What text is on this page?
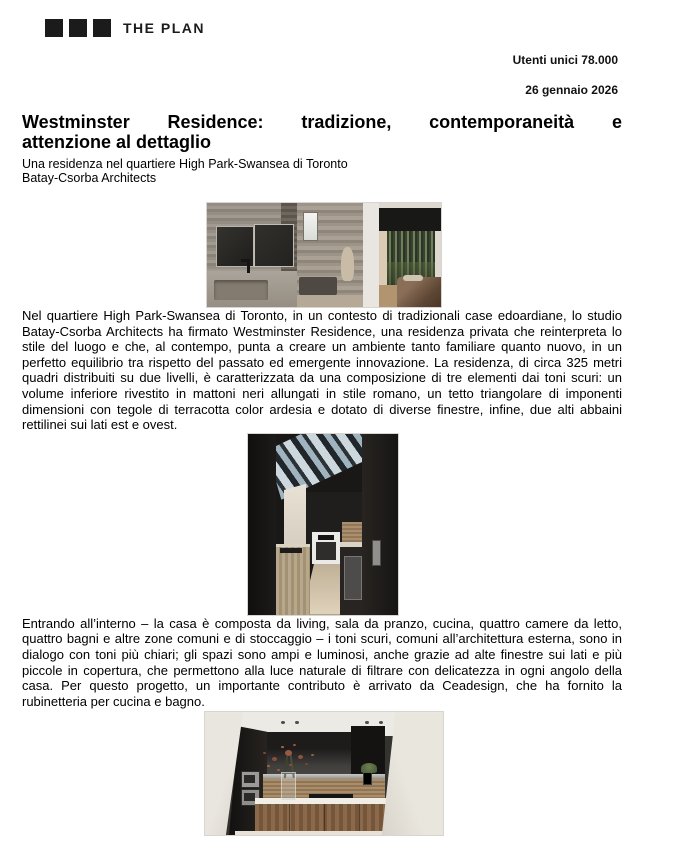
THE PLAN
Utenti unici 78.000
26 gennaio 2026
Westminster Residence: tradizione, contemporaneità e
attenzione al dettaglio

Una residenza nel quartiere High Park-Swansea di Toronto

Batay-Csorba Architects

Nel quartiere High Park-Swansea di Toronto, in un contesto di tradizionali case edoardiane, lo studio Batay-Csorba Architects ha firmato Westminster Residence, una residenza privata che reinterpreta lo stile del luogo e che, al contempo, punta a creare un ambiente tanto familiare quanto nuovo, in un perfetto equilibrio tra rispetto del passato ed emergente innovazione. La residenza, di circa 325 metri quadri distribuiti su due livelli, è caratterizzata da una composizione di tre elementi dai toni scuri: un volume inferiore rivestito in mattoni neri allungati in stile romano, un tetto triangolare di imponenti dimensioni con tegole di terracotta color ardesia e dotato di diverse finestre, infine, due alti abbaini rettilinei sui lati est e ovest.

Entrando all’interno – la casa è composta da living, sala da pranzo, cucina, quattro camere da letto, quattro bagni e altre zone comuni e di stoccaggio – i toni scuri, comuni all’architettura esterna, sono in dialogo con toni più chiari; gli spazi sono ampi e luminosi, anche grazie ad alte finestre sui lati e più piccole in copertura, che permettono alla luce naturale di filtrare con delicatezza in ogni angolo della casa. Per questo progetto, un importante contributo è arrivato da Ceadesign, che ha fornito la rubinetteria per cucina e bagno.
